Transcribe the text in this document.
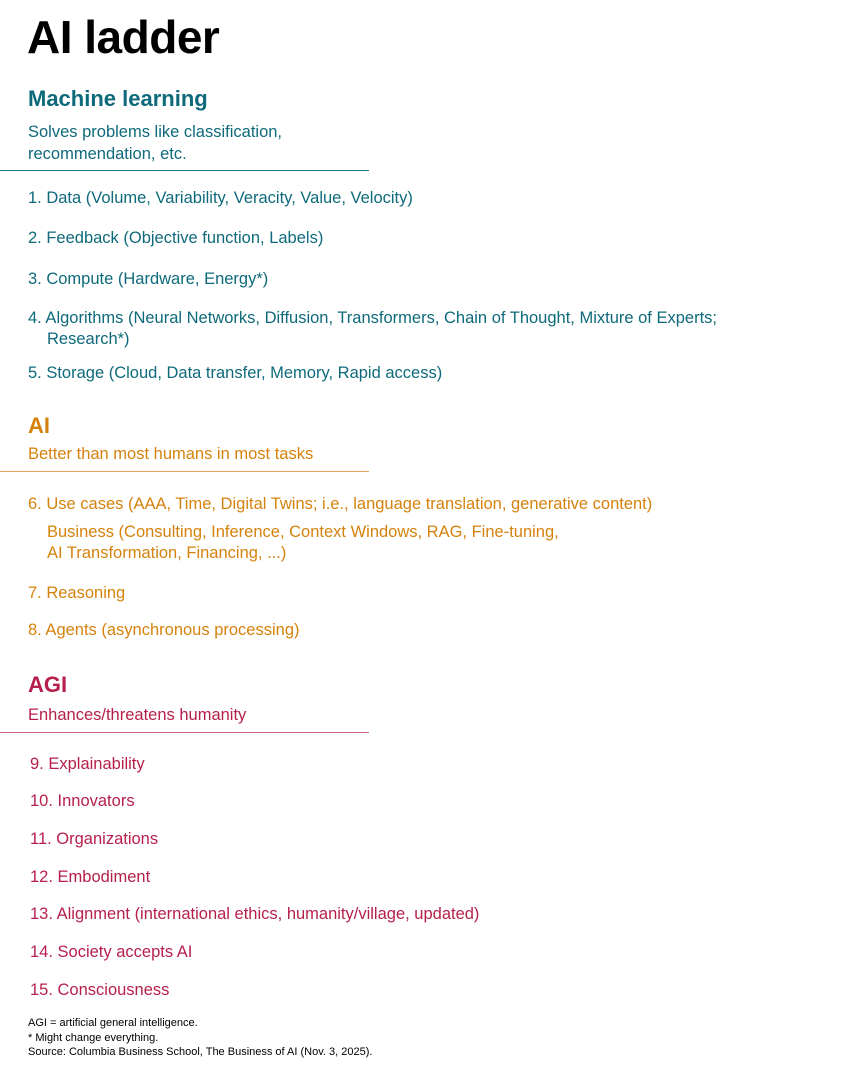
AI ladder
Machine learning
Solves problems like classification,
recommendation, etc.
1. Data (Volume, Variability, Veracity, Value, Velocity)
2. Feedback (Objective function, Labels)
3. Compute (Hardware, Energy*)
4. Algorithms (Neural Networks, Diffusion, Transformers, Chain of Thought, Mixture of Experts;
Research*)
5. Storage (Cloud, Data transfer, Memory, Rapid access)
AI
Better than most humans in most tasks
6. Use cases (AAA, Time, Digital Twins; i.e., language translation, generative content)
Business (Consulting, Inference, Context Windows, RAG, Fine-tuning,
AI Transformation, Financing, ...)
7. Reasoning
8. Agents (asynchronous processing)
AGI
Enhances/threatens humanity
9. Explainability
10. Innovators
11. Organizations
12. Embodiment
13. Alignment (international ethics, humanity/village, updated)
14. Society accepts AI
15. Consciousness
AGI = artificial general intelligence.
* Might change everything.
Source: Columbia Business School, The Business of AI (Nov. 3, 2025).
